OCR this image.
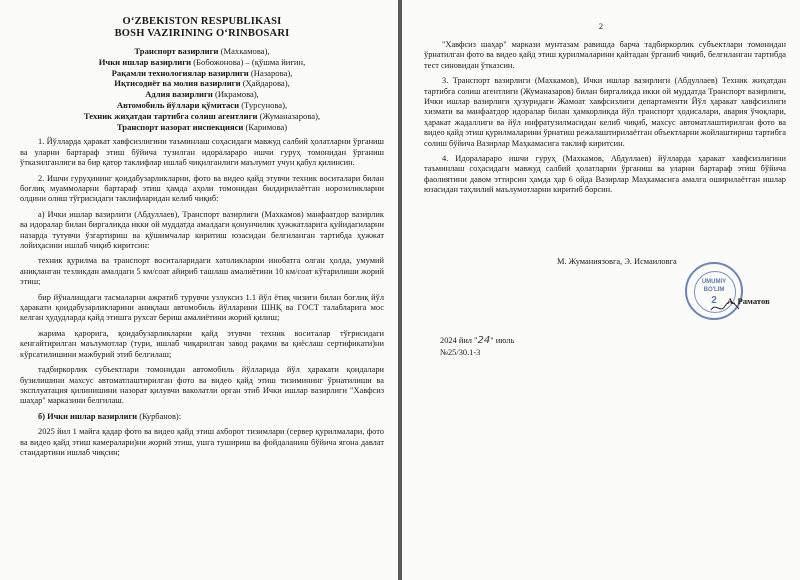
O‘ZBEKISTON RESPUBLIKASI
BOSH VAZIRINING O‘RINBOSARI
Транспорт вазирлиги (Махкамова),
Ички ишлар вазирлиги (Бобожонова) – (қўшма йиғин,
Рақамли технологиялар вазирлиги (Назарова),
Иқтисодиёт ва молия вазирлиги (Ҳайдарова),
Адлия вазирлиги (Икрамова),
Автомобиль йўллари қўмитаси (Турсунова),
Техник жиҳатдан тартибга солиш агентлиги (Жуманазарова),
Транспорт назорат инспекцияси (Каримова)

1. Йўлларда ҳаракат хавфсизлигини таъминлаш соҳасидаги мавжуд салбий ҳолатларни ўрганиш ва уларни бартараф этиш бўйича тузилган идоралараро ишчи гуруҳ томонидан ўрганиш ўтказилганлиги ва бир қатор таклифлар ишлаб чиқилганлиги маълумот учун қабул қилинсин.

2. Ишчи гуруҳининг қоидабузарликларни, фото ва видео қайд этувчи техник воситалари билан боғлиқ муаммоларни бартараф этиш ҳамда аҳоли томонидан билдирилаётган норозиликларни олдини олиш тўғрисидаги таклифларидан келиб чиқиб:

а) Ички ишлар вазирлиги (Абдуллаев), Транспорт вазирлиги (Махкамов) манфаатдор вазирлик ва идоралар билан биргаликда икки ой муддатда амалдаги қонунчилик ҳужжатларига қуйидагиларни назарда тутувчи ўзгартириш ва қўшимчалар киритиш юзасидан белгиланган тартибда ҳужжат лойиҳасини ишлаб чиқиб киритсин:

техник қурилма ва транспорт воситаларидаги хатоликларни инобатга олган ҳолда, умумий аниқланган тезликдан амалдаги 5 км/соат айириб ташлаш амалиётини 10 км/соат кўтарилиши жорий этиш;

бир йўналишдаги тасмаларни ажратиб турувчи узлуксиз 1.1 йўл ётиқ чизиғи билан боғлиқ йўл ҳаракати қоидабузарликларини аниқлаш автомобиль йўлларини ШНҚ ва ГОСТ талабларига мос келган ҳудудларда қайд этишга рухсат бериш амалиётини жорий қилиш;

жарима қарорига, қоидабузарликларни қайд этувчи техник воситалар тўғрисидаги кенгайтирилган маълумотлар (тури, ишлаб чиқарилган завод рақами ва қиёслаш сертификати)ни кўрсатилишини мажбурий этиб белгилаш;

тадбиркорлик субъектлари томонидан автомобиль йўлларида йўл ҳаракати қоидалари бузилишини махсус автоматлаштирилган фото ва видео қайд этиш тизимининг ўрнатилиши ва эксплуатация қилинишини назорат қилувчи ваколатли орган этиб Ички ишлар вазирлиги "Хавфсиз шаҳар" марказини белгилаш.

б) Ички ишлар вазирлиги (Курбанов):

2025 йил 1 майга қадар фото ва видео қайд этиш ахборот тизимлари (сервер қурилмалари, фото ва видео қайд этиш камералари)ни жорий этиш, ушга тушириш ва фойдаланиш бўйича ягона давлат стандартини ишлаб чиқсин;

2

"Хавфсиз шаҳар" маркази мунтазам равишда барча тадбиркорлик субъектлари томонидан ўрнатилган фото ва видео қайд этиш қурилмаларини қайтадан ўрганиб чиқиб, белгиланган тартибда тест синовидан ўтказсин.

3. Транспорт вазирлиги (Махкамов), Ички ишлар вазирлиги (Абдуллаев) Техник жиҳатдан тартибга солиш агентлиги (Жуманазаров) билан биргаликда икки ой муддатда Транспорт вазирлиги, Ички ишлар вазирлиги ҳузуридаги Жамоат хавфсизлиги департаменти Йўл ҳаракат хавфсизлиги хизмати ва манфаатдор идоралар билан ҳамкорликда йўл транспорт ҳодисалари, авария ўчоқлари, ҳаракат жадаллиги ва йўл инфратузилмасидан келиб чиқиб, махсус автоматлаштирилган фото ва видео қайд этиш қурилмаларини ўрнатиш режалаштирилаётган объектларни жойлаштириш тартибга солиш бўйича Вазирлар Маҳкамасига таклиф киритсин.

4. Идоралараро ишчи гуруҳ (Махкамов, Абдуллаев) йўлларда ҳаракат хавфсизлигини таъминлаш соҳасидаги мавжуд салбий ҳолатларни ўрганиш ва уларни бартараф этиш бўйича фаолиятини давом эттирсин ҳамда ҳар 6 ойда Вазирлар Маҳкамасига амалга оширилаётган ишлар юзасидан таҳлилий маълумотларни киритиб борсин.

М. Жуманиязовга, Э. Исмаиловга
UMUMIY
BO'LIM
2	А. Раматов
2024 йил "24" июль
№25/30.1-3
